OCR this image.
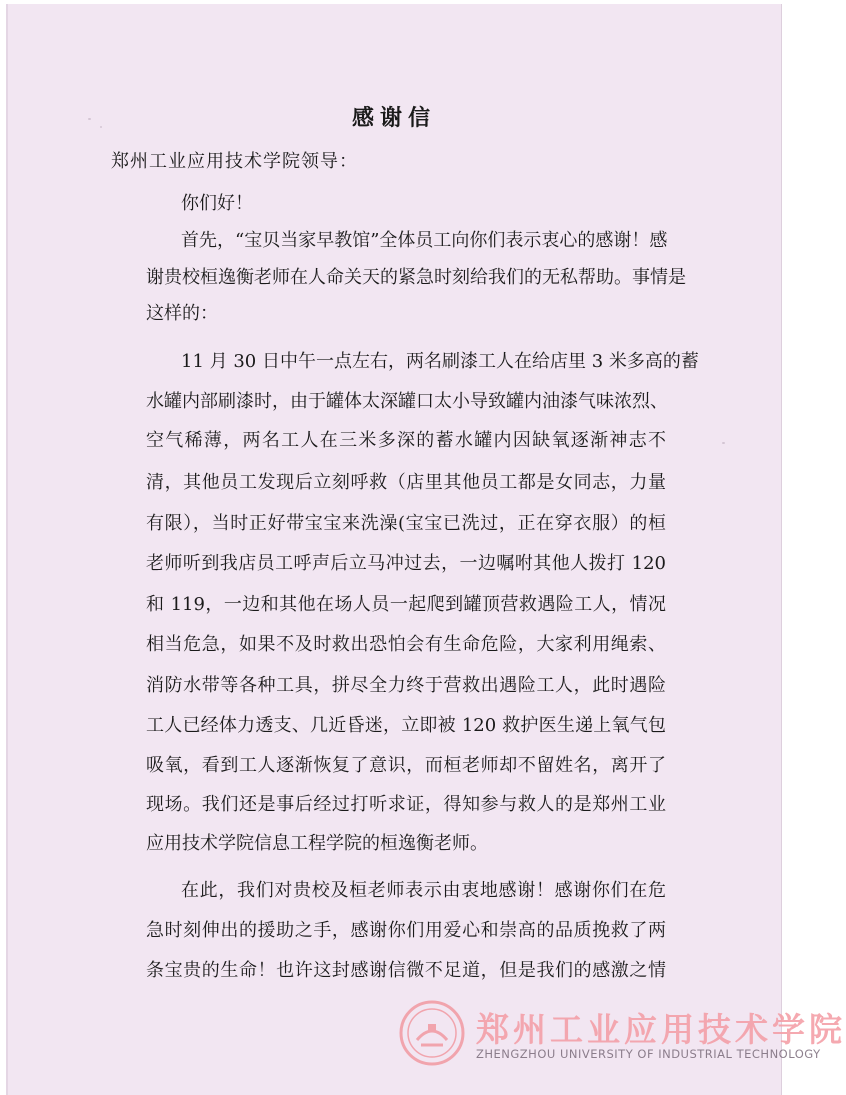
感谢信
郑州工业应用技术学院领导：
你们好！
首先，“宝贝当家早教馆”全体员工向你们表示衷心的感谢！感
谢贵校桓逸衡老师在人命关天的紧急时刻给我们的无私帮助。事情是
这样的：
11 月 30 日中午一点左右，两名刷漆工人在给店里 3 米多高的蓄
水罐内部刷漆时，由于罐体太深罐口太小导致罐内油漆气味浓烈、
空气稀薄，两名工人在三米多深的蓄水罐内因缺氧逐渐神志不
清，其他员工发现后立刻呼救（店里其他员工都是女同志，力量
有限），当时正好带宝宝来洗澡(宝宝已洗过，正在穿衣服）的桓
老师听到我店员工呼声后立马冲过去，一边嘱咐其他人拨打 120
和 119，一边和其他在场人员一起爬到罐顶营救遇险工人，情况
相当危急，如果不及时救出恐怕会有生命危险，大家利用绳索、
消防水带等各种工具，拼尽全力终于营救出遇险工人，此时遇险
工人已经体力透支、几近昏迷，立即被 120 救护医生递上氧气包
吸氧，看到工人逐渐恢复了意识，而桓老师却不留姓名，离开了
现场。我们还是事后经过打听求证，得知参与救人的是郑州工业
应用技术学院信息工程学院的桓逸衡老师。
在此，我们对贵校及桓老师表示由衷地感谢！感谢你们在危
急时刻伸出的援助之手，感谢你们用爱心和崇高的品质挽救了两
条宝贵的生命！也许这封感谢信微不足道，但是我们的感激之情
郑州工业应用技术学院
ZHENGZHOU UNIVERSITY OF INDUSTRIAL TECHNOLOGY
